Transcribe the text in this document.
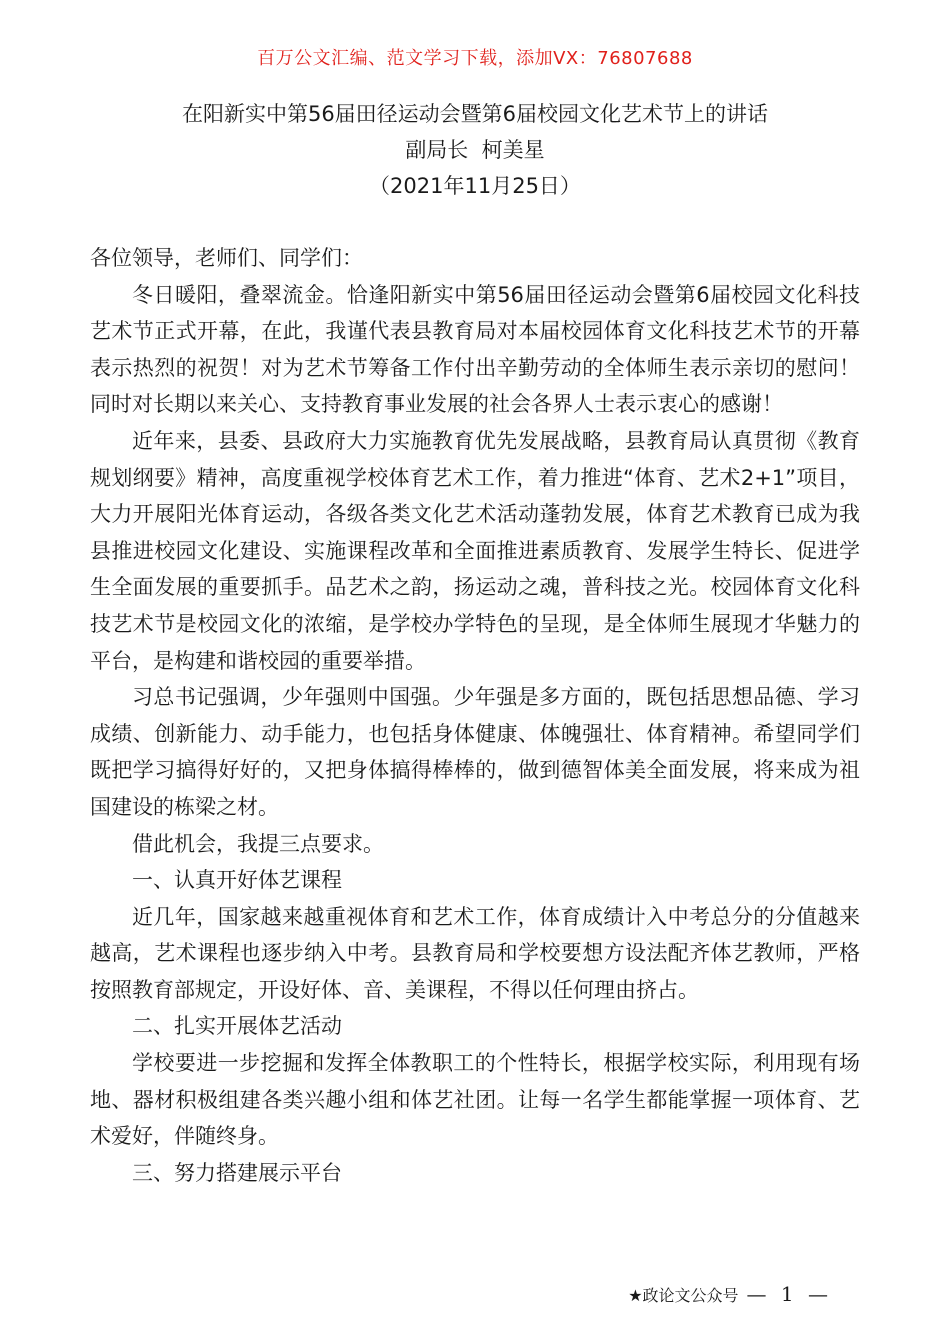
百万公文汇编、范文学习下载，添加VX：76807688
在阳新实中第56届田径运动会暨第6届校园文化艺术节上的讲话
副局长  柯美星
（2021年11月25日）

各位领导，老师们、同学们：

冬日暖阳，叠翠流金。恰逢阳新实中第56届田径运动会暨第6届校园文化科技艺术节正式开幕，在此，我谨代表县教育局对本届校园体育文化科技艺术节的开幕表示热烈的祝贺！对为艺术节筹备工作付出辛勤劳动的全体师生表示亲切的慰问！同时对长期以来关心、支持教育事业发展的社会各界人士表示衷心的感谢！

近年来，县委、县政府大力实施教育优先发展战略，县教育局认真贯彻《教育规划纲要》精神，高度重视学校体育艺术工作，着力推进“体育、艺术2+1”项目，大力开展阳光体育运动，各级各类文化艺术活动蓬勃发展，体育艺术教育已成为我县推进校园文化建设、实施课程改革和全面推进素质教育、发展学生特长、促进学生全面发展的重要抓手。品艺术之韵，扬运动之魂，普科技之光。校园体育文化科技艺术节是校园文化的浓缩，是学校办学特色的呈现，是全体师生展现才华魅力的平台，是构建和谐校园的重要举措。

习总书记强调，少年强则中国强。少年强是多方面的，既包括思想品德、学习成绩、创新能力、动手能力，也包括身体健康、体魄强壮、体育精神。希望同学们既把学习搞得好好的，又把身体搞得棒棒的，做到德智体美全面发展，将来成为祖国建设的栋梁之材。

借此机会，我提三点要求。

一、认真开好体艺课程

近几年，国家越来越重视体育和艺术工作，体育成绩计入中考总分的分值越来越高，艺术课程也逐步纳入中考。县教育局和学校要想方设法配齐体艺教师，严格按照教育部规定，开设好体、音、美课程，不得以任何理由挤占。

二、扎实开展体艺活动

学校要进一步挖掘和发挥全体教职工的个性特长，根据学校实际，利用现有场地、器材积极组建各类兴趣小组和体艺社团。让每一名学生都能掌握一项体育、艺术爱好，伴随终身。

三、努力搭建展示平台

★政论文公众号 — 1 —
